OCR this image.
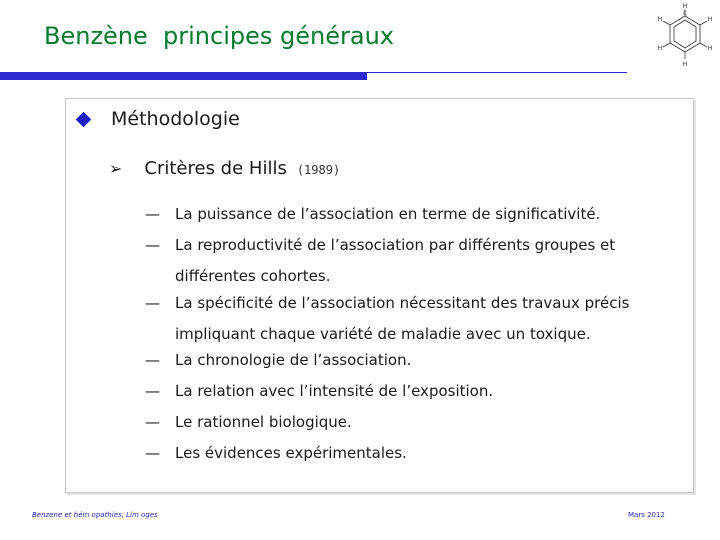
Benzène  principes généraux
H
H
H
H
H
H
C
Méthodologie
➢ Critères de Hills (1989)
— La puissance de l’association en terme de significativité.
— La reproductivité de l’association par différents groupes et différentes cohortes.
— La spécificité de l’association nécessitant des travaux précis impliquant chaque variété de maladie avec un toxique.
— La chronologie de l’association.
— La relation avec l’intensité de l’exposition.
— Le rationnel biologique.
— Les évidences expérimentales.
Benzene et hém opathies, Lim oges	Mars 2012
